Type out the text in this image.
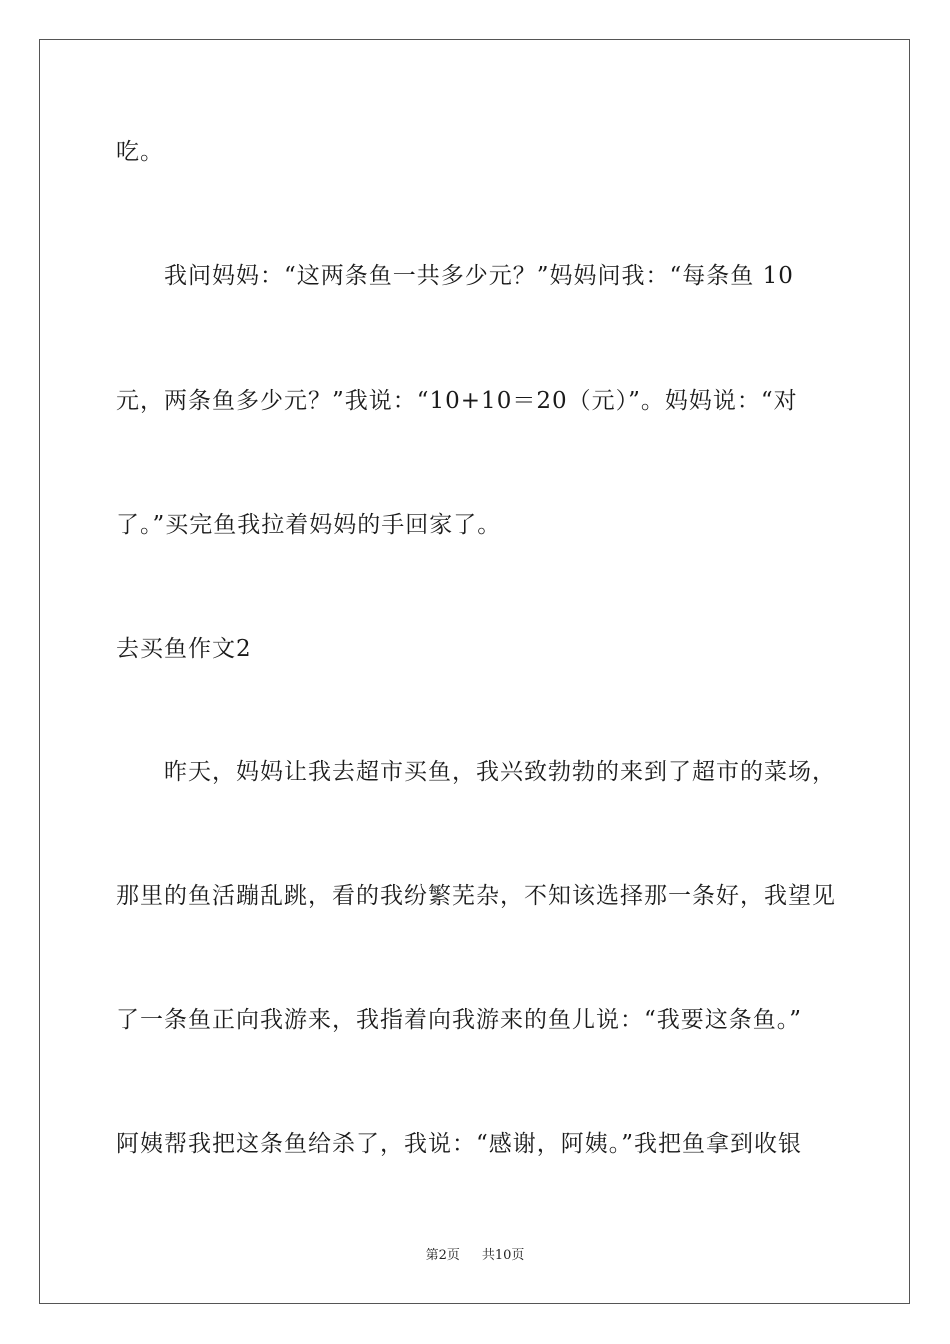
吃。
我问妈妈：“这两条鱼一共多少元？”妈妈问我：“每条鱼 10
元，两条鱼多少元？”我说：“10+10＝20（元）”。妈妈说：“对
了。”买完鱼我拉着妈妈的手回家了。
去买鱼作文2
昨天，妈妈让我去超市买鱼，我兴致勃勃的来到了超市的菜场，
那里的鱼活蹦乱跳，看的我纷繁芜杂，不知该选择那一条好，我望见
了一条鱼正向我游来，我指着向我游来的鱼儿说：“我要这条鱼。”
阿姨帮我把这条鱼给杀了，我说：“感谢，阿姨。”我把鱼拿到收银
第2页 共10页
